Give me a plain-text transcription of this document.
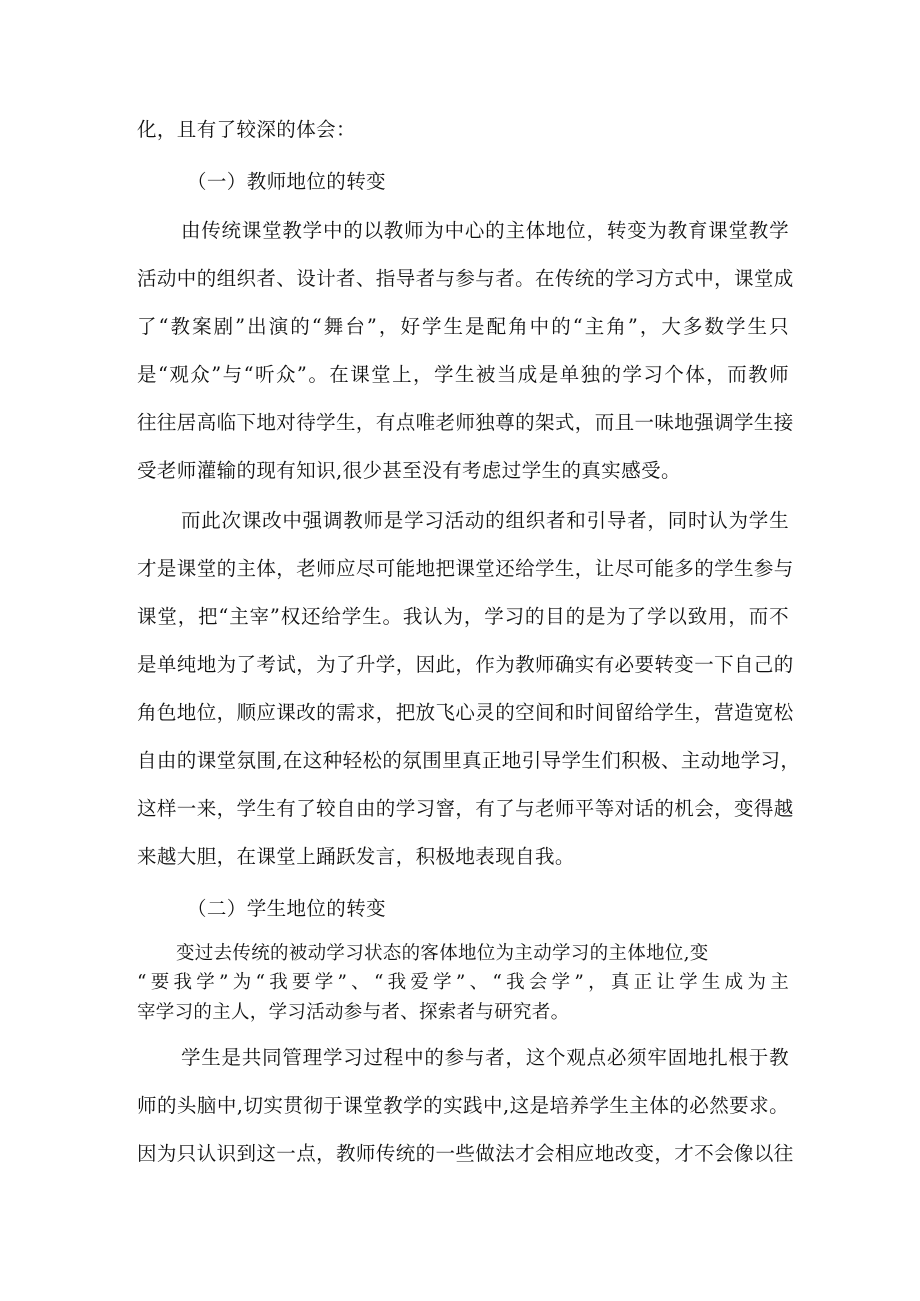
化，且有了较深的体会：
（一）教师地位的转变
由传统课堂教学中的以教师为中心的主体地位，转变为教育课堂教学
活动中的组织者、设计者、指导者与参与者。在传统的学习方式中，课堂成
了“教案剧”出演的“舞台”，好学生是配角中的“主角”，大多数学生只
是“观众”与“听众”。在课堂上，学生被当成是单独的学习个体，而教师
往往居高临下地对待学生，有点唯老师独尊的架式，而且一味地强调学生接
受老师灌输的现有知识,很少甚至没有考虑过学生的真实感受。
而此次课改中强调教师是学习活动的组织者和引导者，同时认为学生
才是课堂的主体，老师应尽可能地把课堂还给学生，让尽可能多的学生参与
课堂，把“主宰”权还给学生。我认为，学习的目的是为了学以致用，而不
是单纯地为了考试，为了升学，因此，作为教师确实有必要转变一下自己的
角色地位，顺应课改的需求，把放飞心灵的空间和时间留给学生，营造宽松
自由的课堂氛围,在这种轻松的氛围里真正地引导学生们积极、主动地学习，
这样一来，学生有了较自由的学习窨，有了与老师平等对话的机会，变得越
来越大胆，在课堂上踊跃发言，积极地表现自我。
（二）学生地位的转变
变过去传统的被动学习状态的客体地位为主动学习的主体地位,变
“要我学”为“我要学”、“我爱学”、“我会学”，真正让学生成为主
宰学习的主人，学习活动参与者、探索者与研究者。
学生是共同管理学习过程中的参与者，这个观点必须牢固地扎根于教
师的头脑中,切实贯彻于课堂教学的实践中,这是培养学生主体的必然要求。
因为只认识到这一点，教师传统的一些做法才会相应地改变，才不会像以往
